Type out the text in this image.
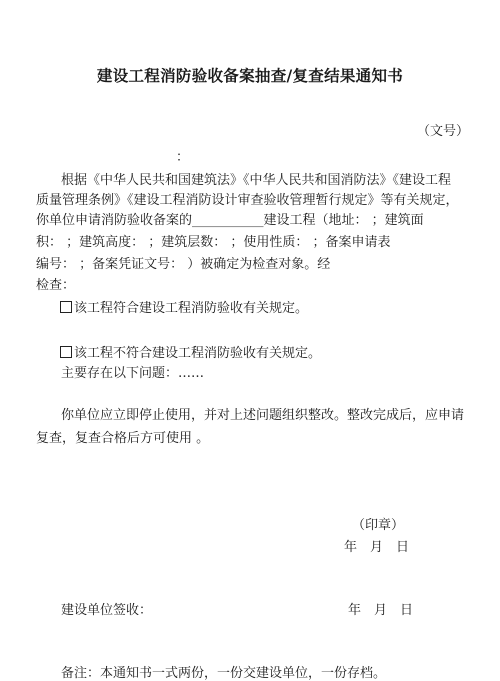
建设工程消防验收备案抽查/复查结果通知书
（文号）
：
根据《中华人民共和国建筑法》《中华人民共和国消防法》《建设工程
质量管理条例》《建设工程消防设计审查验收管理暂行规定》等有关规定，
你单位申请消防验收备案的___________建设工程（地址： ；建筑面
积： ；建筑高度： ；建筑层数： ；使用性质： ；备案申请表
编号： ；备案凭证文号： ）被确定为检查对象。经
检查：
该工程符合建设工程消防验收有关规定。
该工程不符合建设工程消防验收有关规定。
主要存在以下问题：……
你单位应立即停止使用，并对上述问题组织整改。整改完成后，应申请
复查，复查合格后方可使用 。
（印章）
年　月　日
建设单位签收：	年　月　日
备注：本通知书一式两份，一份交建设单位，一份存档。
